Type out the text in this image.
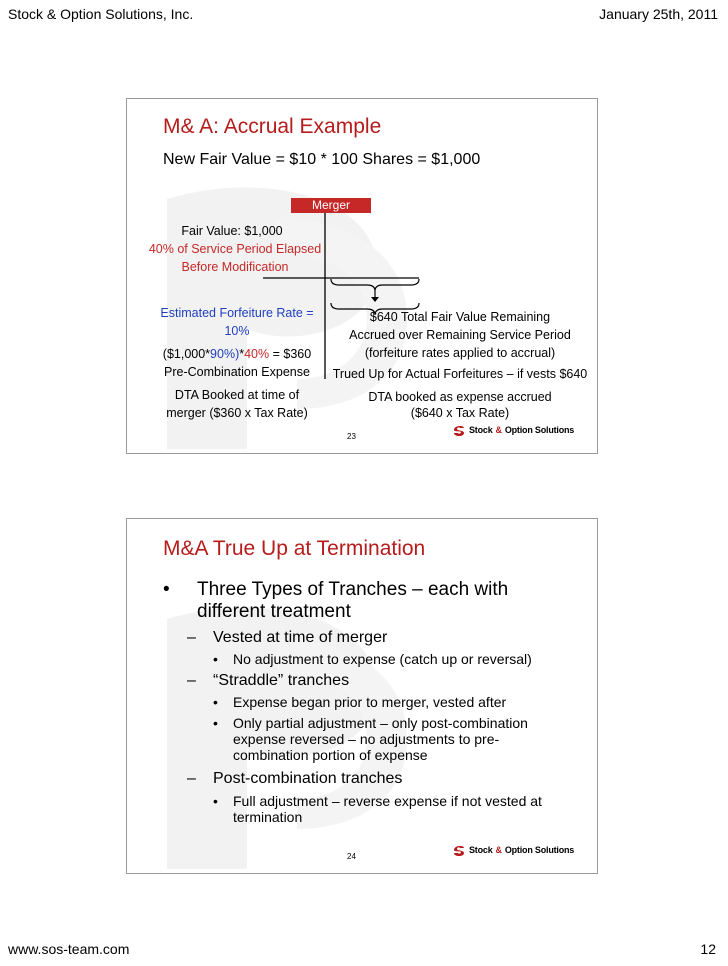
Stock & Option Solutions, Inc.	January 25th, 2011
M& A: Accrual Example
New Fair Value = $10 * 100 Shares = $1,000
Merger
Fair Value: $1,000
40% of Service Period Elapsed
Before Modification
Estimated Forfeiture Rate =
10%
($1,000*90%)*40% = $360
Pre-Combination Expense
DTA Booked at time of
merger ($360 x Tax Rate)
$640 Total Fair Value Remaining
Accrued over Remaining Service Period
(forfeiture rates applied to accrual)
Trued Up for Actual Forfeitures – if vests $640
DTA booked as expense accrued
($640 x Tax Rate)
23
Stock & Option Solutions
M&A True Up at Termination
• Three Types of Tranches – each with
different treatment
– Vested at time of merger
• No adjustment to expense (catch up or reversal)
– “Straddle” tranches
• Expense began prior to merger, vested after
• Only partial adjustment – only post-combination
expense reversed – no adjustments to pre-
combination portion of expense
– Post-combination tranches
• Full adjustment – reverse expense if not vested at
termination
24
Stock & Option Solutions
www.sos-team.com	12
